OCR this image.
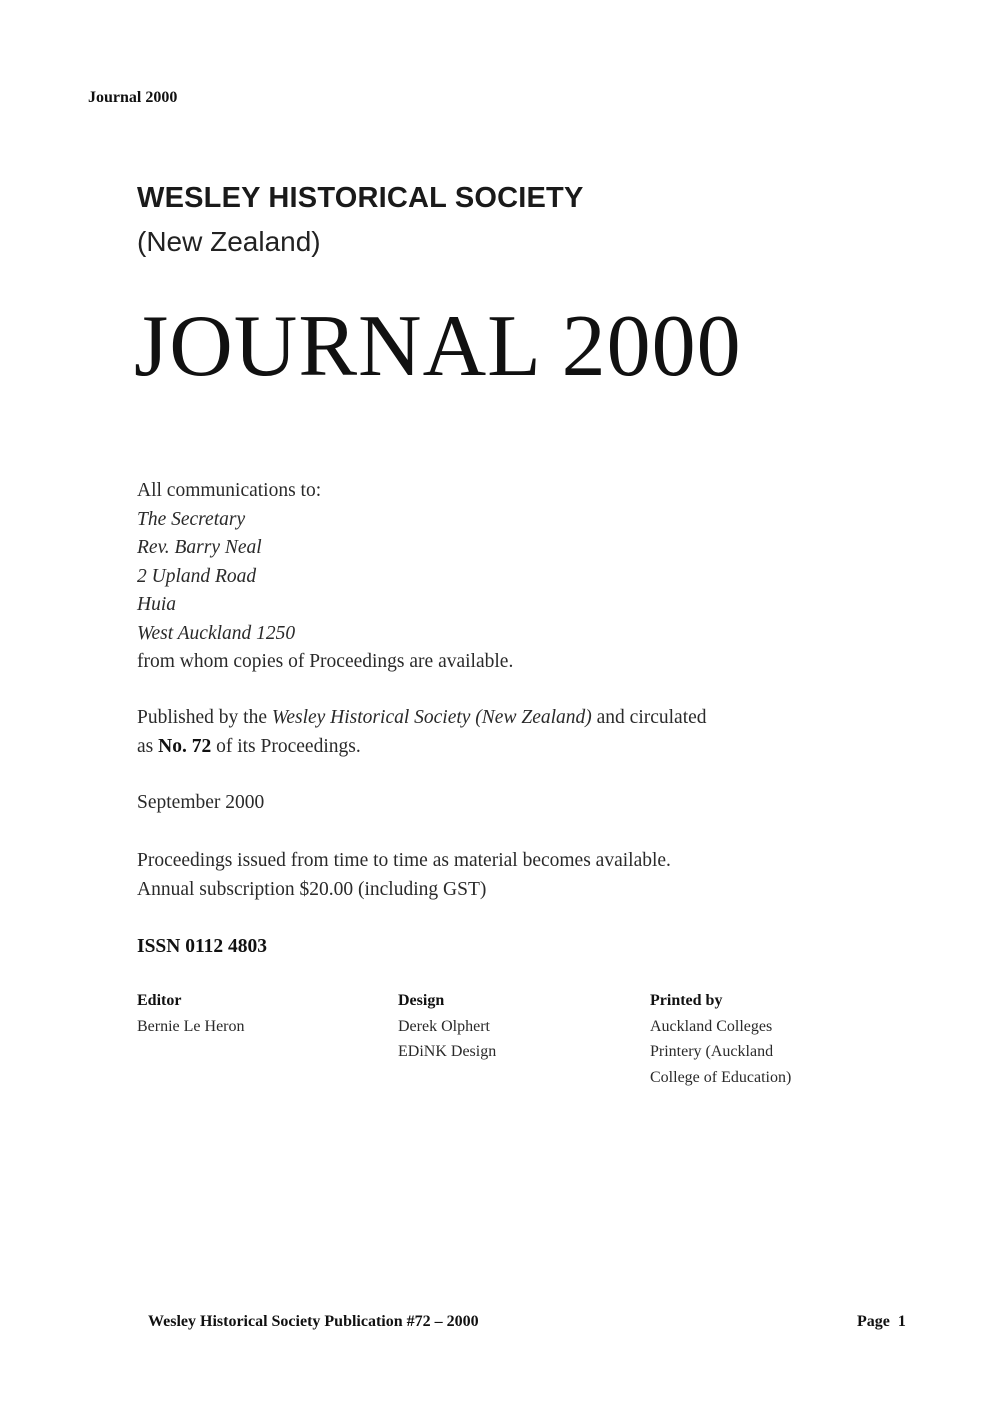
Journal 2000
WESLEY HISTORICAL SOCIETY
(New Zealand)
JOURNAL 2000
All communications to:
The Secretary
Rev. Barry Neal
2 Upland Road
Huia
West Auckland 1250
from whom copies of Proceedings are available.
Published by the Wesley Historical Society (New Zealand) and circulated
as No. 72 of its Proceedings.
September 2000
Proceedings issued from time to time as material becomes available.
Annual subscription $20.00 (including GST)
ISSN 0112 4803
Editor
Bernie Le Heron
Design
Derek Olphert
EDiNK Design
Printed by
Auckland Colleges
Printery (Auckland
College of Education)
Wesley Historical Society Publication #72 – 2000	Page  1
